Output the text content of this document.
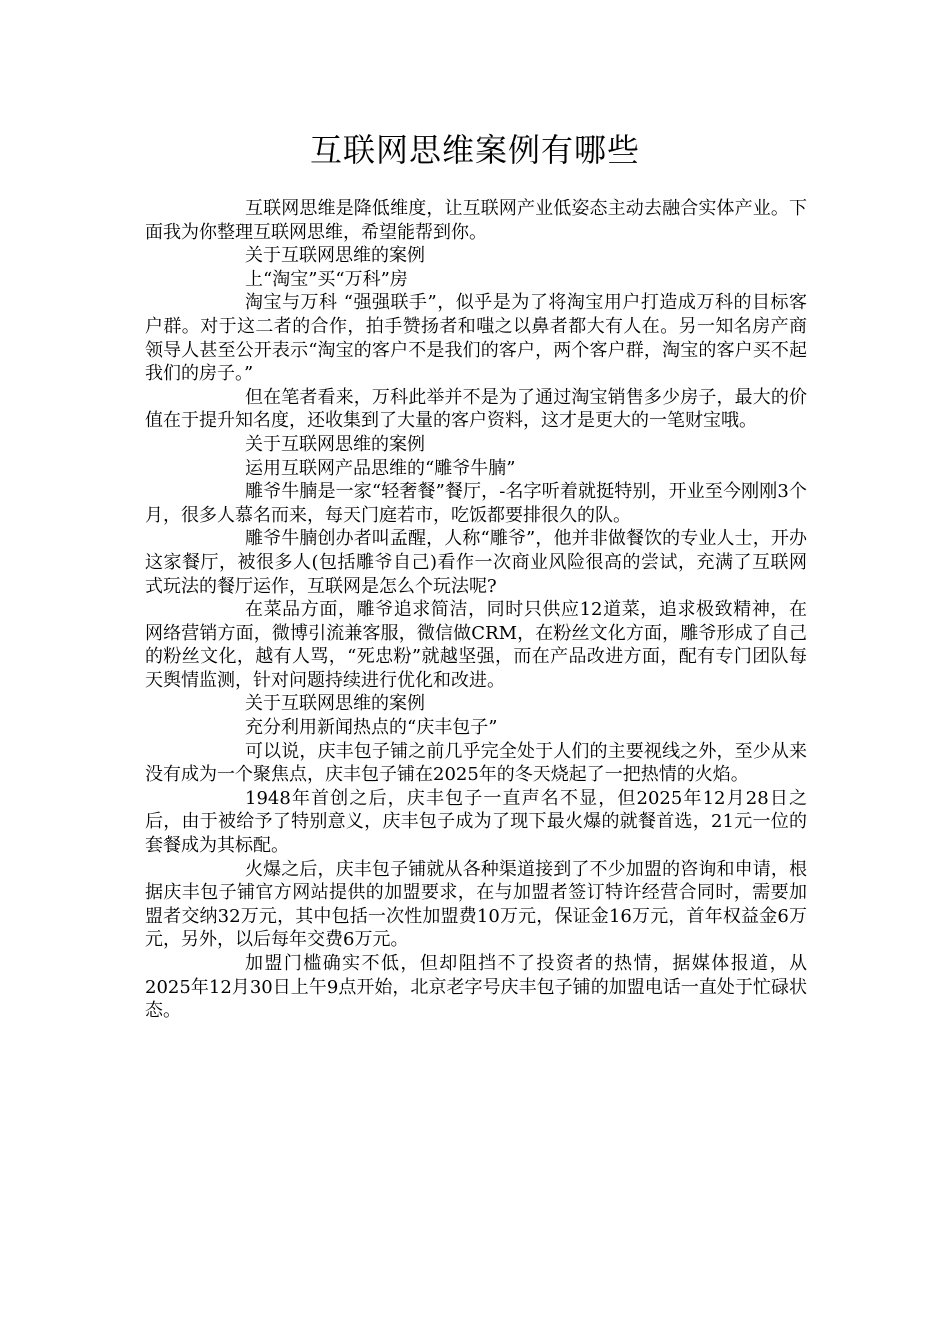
互联网思维案例有哪些

互联网思维是降低维度，让互联网产业低姿态主动去融合实体产业。下面我为你整理互联网思维，希望能帮到你。

关于互联网思维的案例

上“淘宝”买“万科”房

淘宝与万科 “强强联手”，似乎是为了将淘宝用户打造成万科的目标客户群。对于这二者的合作，拍手赞扬者和嗤之以鼻者都大有人在。另一知名房产商领导人甚至公开表示“淘宝的客户不是我们的客户，两个客户群，淘宝的客户买不起我们的房子。”

但在笔者看来，万科此举并不是为了通过淘宝销售多少房子，最大的价值在于提升知名度，还收集到了大量的客户资料，这才是更大的一笔财宝哦。

关于互联网思维的案例

运用互联网产品思维的“雕爷牛腩”

雕爷牛腩是一家“轻奢餐”餐厅，-名字听着就挺特别，开业至今刚刚3个月，很多人慕名而来，每天门庭若市，吃饭都要排很久的队。

雕爷牛腩创办者叫孟醒，人称“雕爷”，他并非做餐饮的专业人士，开办这家餐厅，被很多人(包括雕爷自己)看作一次商业风险很高的尝试，充满了互联网式玩法的餐厅运作，互联网是怎么个玩法呢?

在菜品方面，雕爷追求简洁，同时只供应12道菜，追求极致精神，在网络营销方面，微博引流兼客服，微信做CRM，在粉丝文化方面，雕爷形成了自己的粉丝文化，越有人骂，“死忠粉”就越坚强，而在产品改进方面，配有专门团队每天舆情监测，针对问题持续进行优化和改进。

关于互联网思维的案例

充分利用新闻热点的“庆丰包子”

可以说，庆丰包子铺之前几乎完全处于人们的主要视线之外，至少从来没有成为一个聚焦点，庆丰包子铺在2025年的冬天烧起了一把热情的火焰。

1948年首创之后，庆丰包子一直声名不显，但2025年12月28日之后，由于被给予了特别意义，庆丰包子成为了现下最火爆的就餐首选，21元一位的套餐成为其标配。

火爆之后，庆丰包子铺就从各种渠道接到了不少加盟的咨询和申请，根据庆丰包子铺官方网站提供的加盟要求，在与加盟者签订特许经营合同时，需要加盟者交纳32万元，其中包括一次性加盟费10万元，保证金16万元，首年权益金6万元，另外，以后每年交费6万元。

加盟门槛确实不低，但却阻挡不了投资者的热情，据媒体报道，从2025年12月30日上午9点开始，北京老字号庆丰包子铺的加盟电话一直处于忙碌状态。
